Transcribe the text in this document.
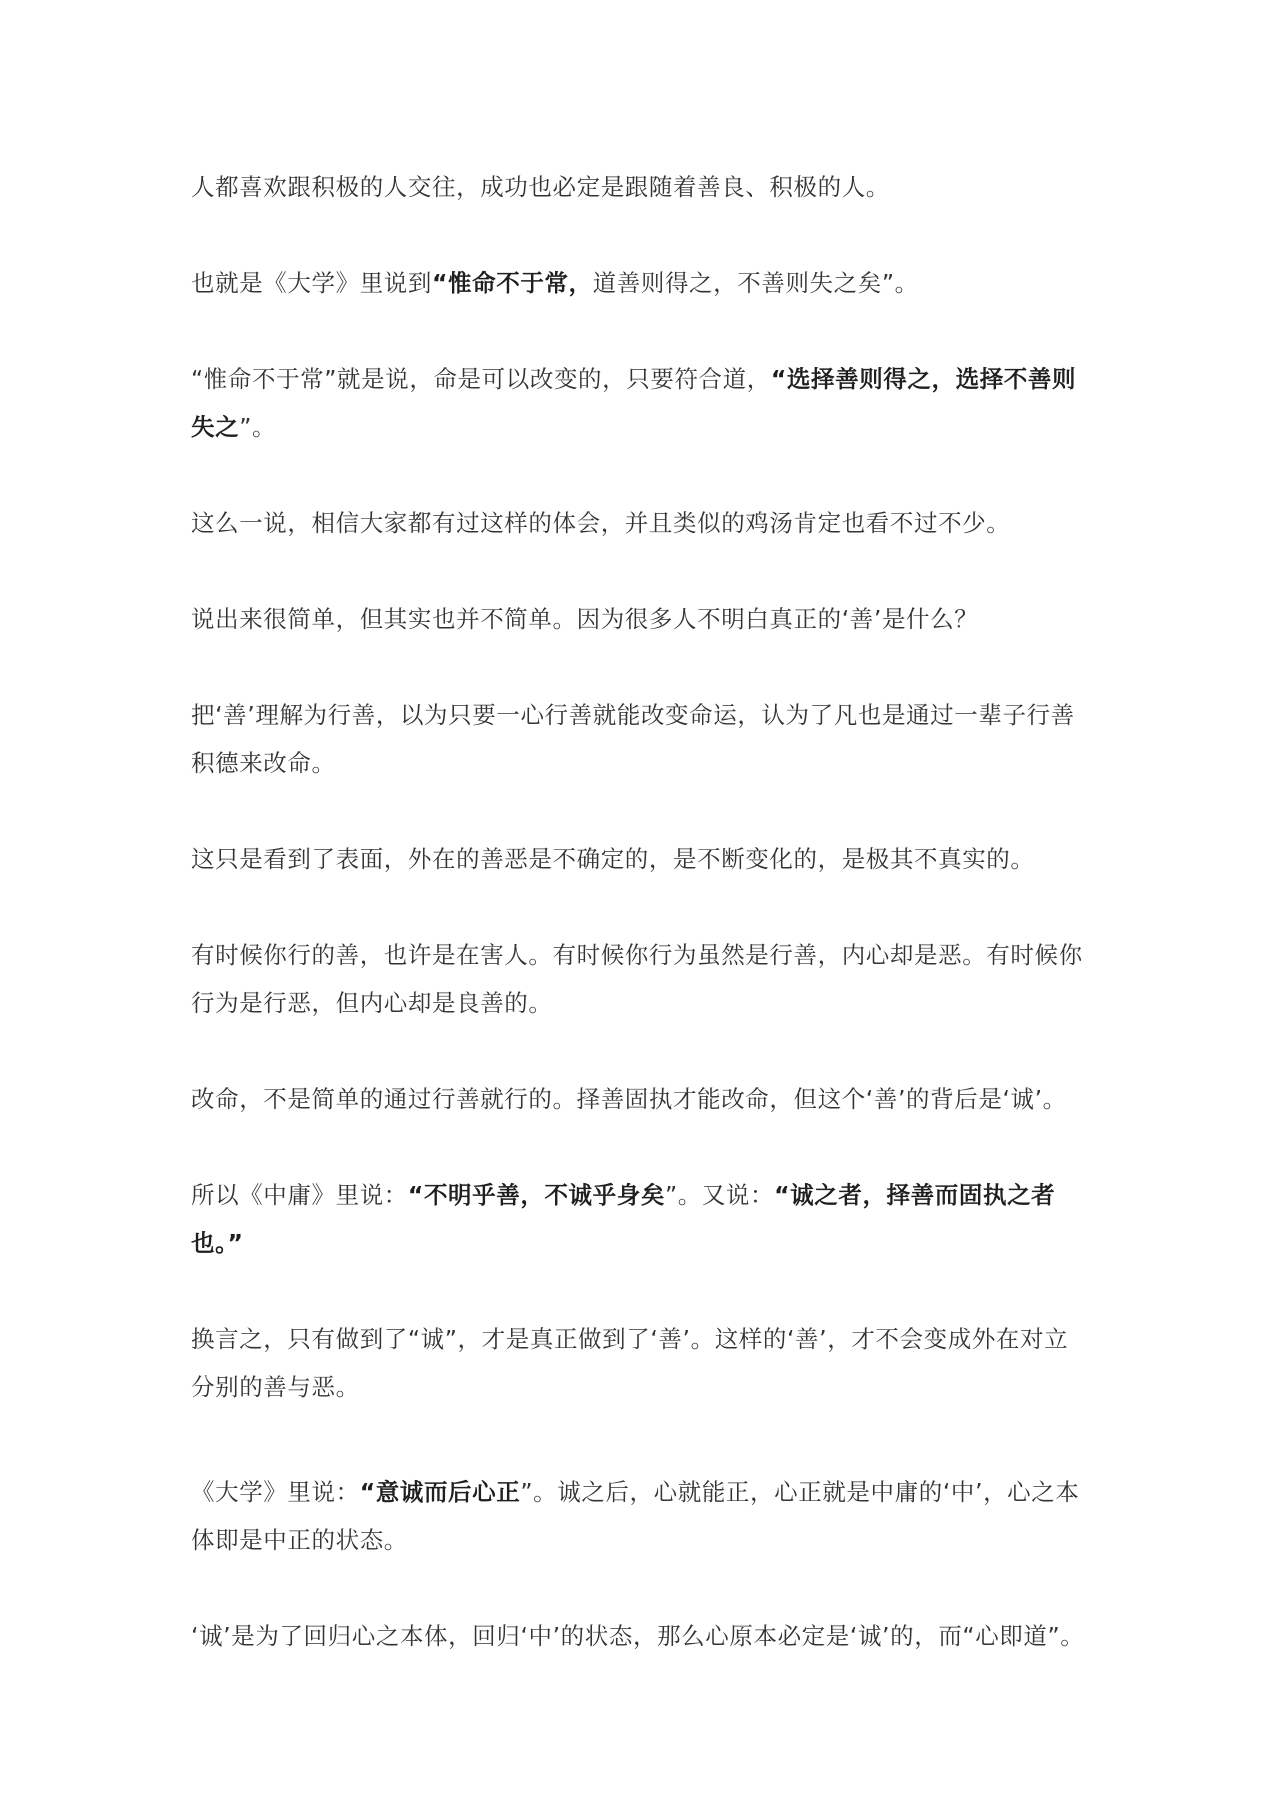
人都喜欢跟积极的人交往，成功也必定是跟随着善良、积极的人。

也就是《大学》里说到“惟命不于常，道善则得之，不善则失之矣”。

“惟命不于常”就是说，命是可以改变的，只要符合道，“选择善则得之，选择不善则失之”。

这么一说，相信大家都有过这样的体会，并且类似的鸡汤肯定也看不过不少。

说出来很简单，但其实也并不简单。因为很多人不明白真正的‘善’是什么？

把‘善’理解为行善，以为只要一心行善就能改变命运，认为了凡也是通过一辈子行善积德来改命。

这只是看到了表面，外在的善恶是不确定的，是不断变化的，是极其不真实的。

有时候你行的善，也许是在害人。有时候你行为虽然是行善，内心却是恶。有时候你行为是行恶，但内心却是良善的。

改命，不是简单的通过行善就行的。择善固执才能改命，但这个‘善’的背后是‘诚’。

所以《中庸》里说：“不明乎善，不诚乎身矣”。又说：“诚之者，择善而固执之者也。”

换言之，只有做到了“诚”，才是真正做到了‘善’。这样的‘善’，才不会变成外在对立分别的善与恶。

《大学》里说：“意诚而后心正”。诚之后，心就能正，心正就是中庸的‘中’，心之本体即是中正的状态。

‘诚’是为了回归心之本体，回归‘中’的状态，那么心原本必定是‘诚’的，而“心即道”。
